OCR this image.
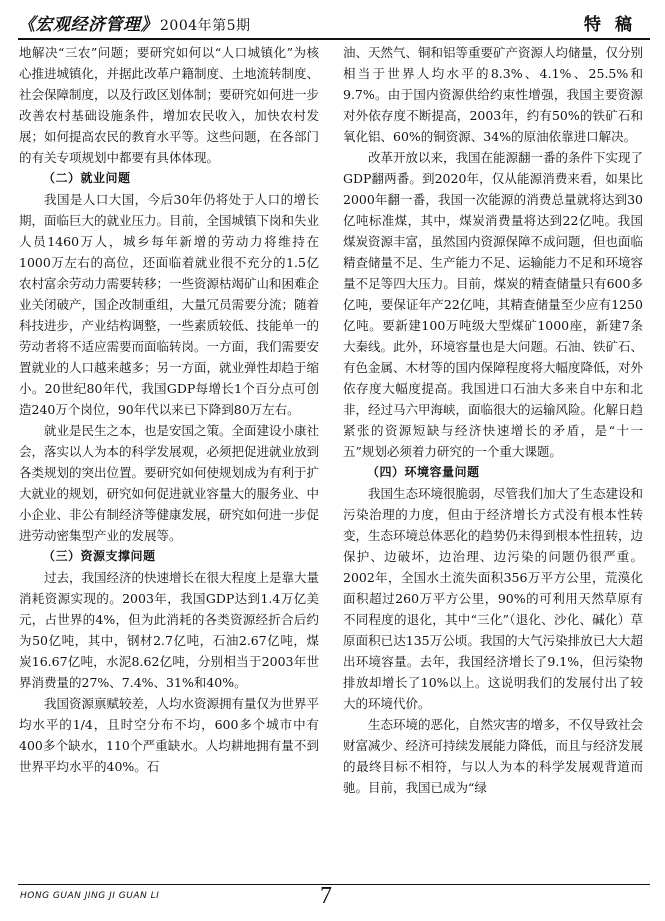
《宏观经济管理》 2004年第5期	特稿

地解决“三农”问题；要研究如何以“人口城镇化”为核心推进城镇化，并据此改革户籍制度、土地流转制度、社会保障制度，以及行政区划体制；要研究如何进一步改善农村基础设施条件，增加农民收入，加快农村发展；如何提高农民的教育水平等。这些问题，在各部门的有关专项规划中都要有具体体现。

（二）就业问题

我国是人口大国，今后30年仍将处于人口的增长期，面临巨大的就业压力。目前，全国城镇下岗和失业人员1460万人，城乡每年新增的劳动力将维持在1000万左右的高位，还面临着就业很不充分的1.5亿农村富余劳动力需要转移；一些资源枯竭矿山和困难企业关闭破产，国企改制重组，大量冗员需要分流；随着科技进步，产业结构调整，一些素质较低、技能单一的劳动者将不适应需要而面临转岗。一方面，我们需要安置就业的人口越来越多；另一方面，就业弹性却趋于缩小。20世纪80年代，我国GDP每增长1个百分点可创造240万个岗位，90年代以来已下降到80万左右。

就业是民生之本，也是安国之策。全面建设小康社会，落实以人为本的科学发展观，必须把促进就业放到各类规划的突出位置。要研究如何使规划成为有利于扩大就业的规划，研究如何促进就业容量大的服务业、中小企业、非公有制经济等健康发展，研究如何进一步促进劳动密集型产业的发展等。

（三）资源支撑问题

过去，我国经济的快速增长在很大程度上是靠大量消耗资源实现的。2003年，我国GDP达到1.4万亿美元，占世界的4%，但为此消耗的各类资源经折合后约为50亿吨，其中，钢材2.7亿吨，石油2.67亿吨，煤炭16.67亿吨，水泥8.62亿吨，分别相当于2003年世界消费量的27%、7.4%、31%和40%。

我国资源禀赋较差，人均水资源拥有量仅为世界平均水平的1/4，且时空分布不均，600多个城市中有400多个缺水，110个严重缺水。人均耕地拥有量不到世界平均水平的40%。石

油、天然气、铜和铝等重要矿产资源人均储量，仅分别相当于世界人均水平的8.3%、4.1%、25.5%和9.7%。由于国内资源供给约束性增强，我国主要资源对外依存度不断提高，2003年，约有50%的铁矿石和氧化铝、60%的铜资源、34%的原油依靠进口解决。

改革开放以来，我国在能源翻一番的条件下实现了GDP翻两番。到2020年，仅从能源消费来看，如果比2000年翻一番，我国一次能源的消费总量就将达到30亿吨标准煤，其中，煤炭消费量将达到22亿吨。我国煤炭资源丰富，虽然国内资源保障不成问题，但也面临精查储量不足、生产能力不足、运输能力不足和环境容量不足等四大压力。目前，煤炭的精查储量只有600多亿吨，要保证年产22亿吨，其精查储量至少应有1250亿吨。要新建100万吨级大型煤矿1000座，新建7条大秦线。此外，环境容量也是大问题。石油、铁矿石、有色金属、木材等的国内保障程度将大幅度降低，对外依存度大幅度提高。我国进口石油大多来自中东和北非，经过马六甲海峡，面临很大的运输风险。化解日趋紧张的资源短缺与经济快速增长的矛盾，是“十一五”规划必须着力研究的一个重大课题。

（四）环境容量问题

我国生态环境很脆弱，尽管我们加大了生态建设和污染治理的力度，但由于经济增长方式没有根本性转变，生态环境总体恶化的趋势仍未得到根本性扭转，边保护、边破坏，边治理、边污染的问题仍很严重。2002年，全国水土流失面积356万平方公里，荒漠化面积超过260万平方公里，90%的可利用天然草原有不同程度的退化，其中“三化”（退化、沙化、碱化）草原面积已达135万公顷。我国的大气污染排放已大大超出环境容量。去年，我国经济增长了9.1%，但污染物排放却增长了10%以上。这说明我们的发展付出了较大的环境代价。

生态环境的恶化，自然灾害的增多，不仅导致社会财富减少、经济可持续发展能力降低，而且与经济发展的最终目标不相符，与以人为本的科学发展观背道而驰。目前，我国已成为“绿

HONG GUAN JING JI GUAN LI	7
